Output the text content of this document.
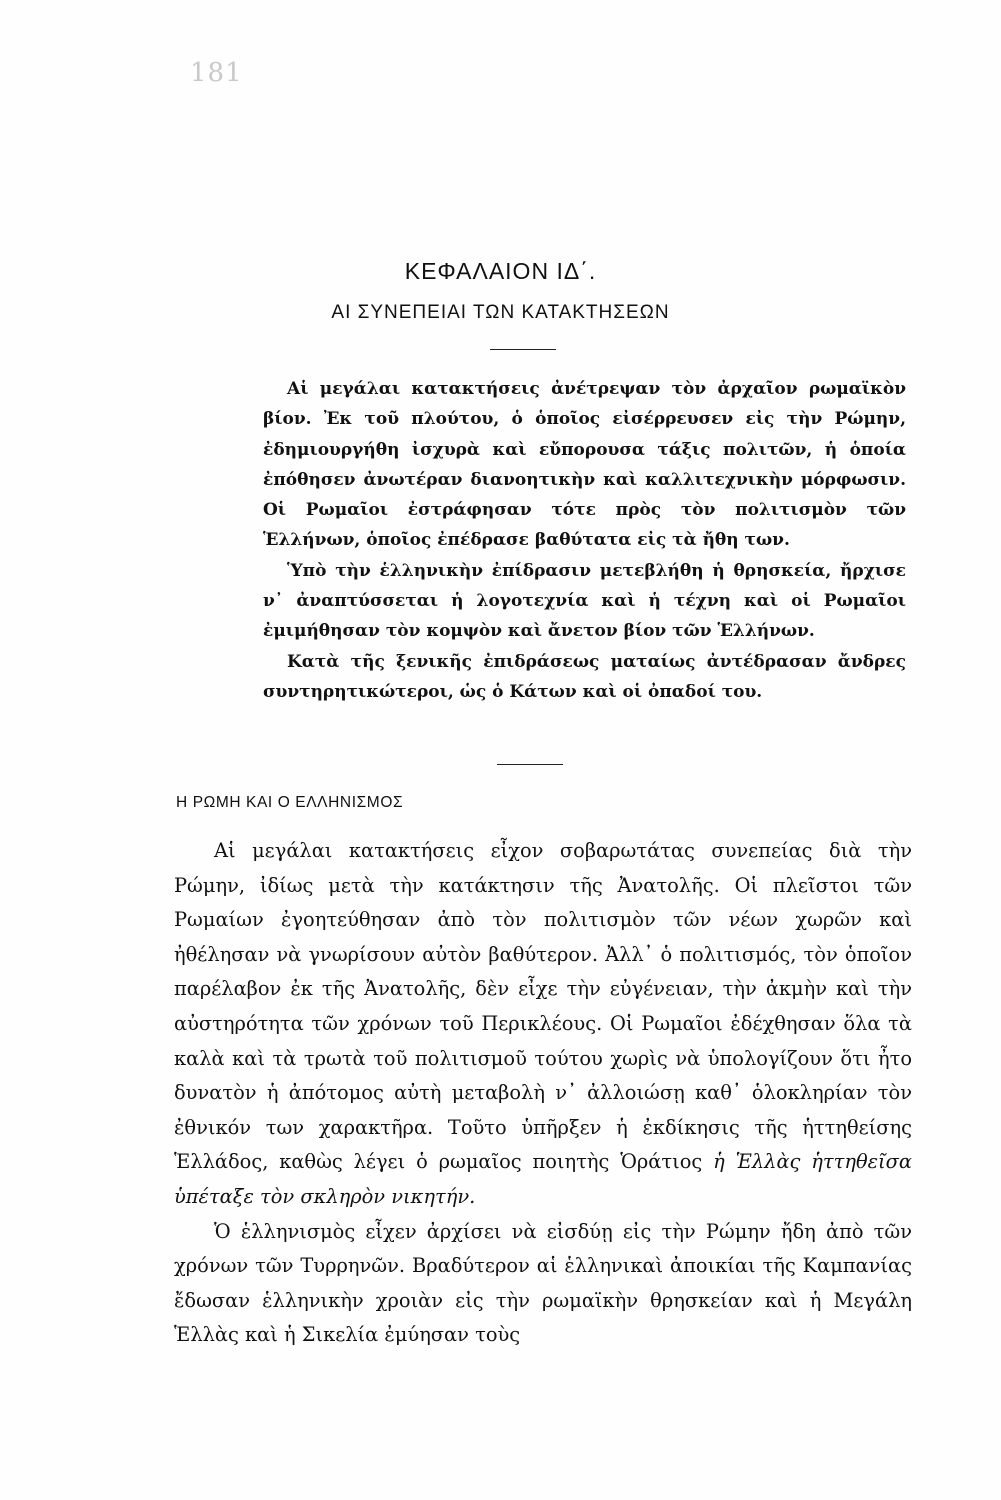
181
ΚΕΦΑΛΑΙΟΝ ΙΔ΄.
ΑΙ ΣΥΝΕΠΕΙΑΙ ΤΩΝ ΚΑΤΑΚΤΗΣΕΩΝ

Αἱ μεγάλαι κατακτήσεις ἀνέτρεψαν τὸν ἀρχαῖον ρωμαϊκὸν βίον. Ἐκ τοῦ πλούτου, ὁ ὁποῖος εἰσέρρευσεν εἰς τὴν Ρώμην, ἐδημιουργήθη ἰσχυρὰ καὶ εὔπορουσα τάξις πολιτῶν, ἡ ὁποία ἐπόθησεν ἀνωτέραν διανοητικὴν καὶ καλλιτεχνικὴν μόρφωσιν. Οἱ Ρωμαῖοι ἐστράφησαν τότε πρὸς τὸν πολιτισμὸν τῶν Ἑλλήνων, ὁποῖος ἐπέδρασε βαθύτατα εἰς τὰ ἤθη των.

Ὑπὸ τὴν ἑλληνικὴν ἐπίδρασιν μετεβλήθη ἡ θρησκεία, ἤρχισε ν᾿ ἀναπτύσσεται ἡ λογοτεχνία καὶ ἡ τέχνη καὶ οἱ Ρωμαῖοι ἐμιμήθησαν τὸν κομψὸν καὶ ἄνετον βίον τῶν Ἑλλήνων.

Κατὰ τῆς ξενικῆς ἐπιδράσεως ματαίως ἀντέδρασαν ἄνδρες συντηρητικώτεροι, ὡς ὁ Κάτων καὶ οἱ ὀπαδοί του.

Η ΡΩΜΗ ΚΑΙ Ο ΕΛΛΗΝΙΣΜΟΣ

Αἱ μεγάλαι κατακτήσεις εἶχον σοβαρωτάτας συνεπείας διὰ τὴν Ρώμην, ἰδίως μετὰ τὴν κατάκτησιν τῆς Ἀνατολῆς. Οἱ πλεῖστοι τῶν Ρωμαίων ἐγοητεύθησαν ἀπὸ τὸν πολιτισμὸν τῶν νέων χωρῶν καὶ ἠθέλησαν νὰ γνωρίσουν αὐτὸν βαθύτερον. Ἀλλ᾿ ὁ πολιτισμός, τὸν ὁποῖον παρέλαβον ἐκ τῆς Ἀνατολῆς, δὲν εἶχε τὴν εὐγένειαν, τὴν ἀκμὴν καὶ τὴν αὐστηρότητα τῶν χρόνων τοῦ Περικλέους. Οἱ Ρωμαῖοι ἐδέχθησαν ὅλα τὰ καλὰ καὶ τὰ τρωτὰ τοῦ πολιτισμοῦ τούτου χωρὶς νὰ ὑπολογίζουν ὅτι ἦτο δυνατὸν ἡ ἀπότομος αὐτὴ μεταβολὴ ν᾿ ἀλλοιώσῃ καθ᾿ ὁλοκληρίαν τὸν ἐθνικόν των χαρακτῆρα. Τοῦτο ὑπῆρξεν ἡ ἐκδίκησις τῆς ἡττηθείσης Ἑλλάδος, καθὼς λέγει ὁ ρωμαῖος ποιητὴς Ὁράτιος ἡ Ἑλλὰς ἡττηθεῖσα ὑπέταξε τὸν σκληρὸν νικητήν.

Ὁ ἑλληνισμὸς εἶχεν ἀρχίσει νὰ εἰσδύῃ εἰς τὴν Ρώμην ἤδη ἀπὸ τῶν χρόνων τῶν Τυρρηνῶν. Βραδύτερον αἱ ἑλληνικαὶ ἀποικίαι τῆς Καμπανίας ἔδωσαν ἑλληνικὴν χροιὰν εἰς τὴν ρωμαϊκὴν θρησκείαν καὶ ἡ Μεγάλη Ἑλλὰς καὶ ἡ Σικελία ἐμύησαν τοὺς
